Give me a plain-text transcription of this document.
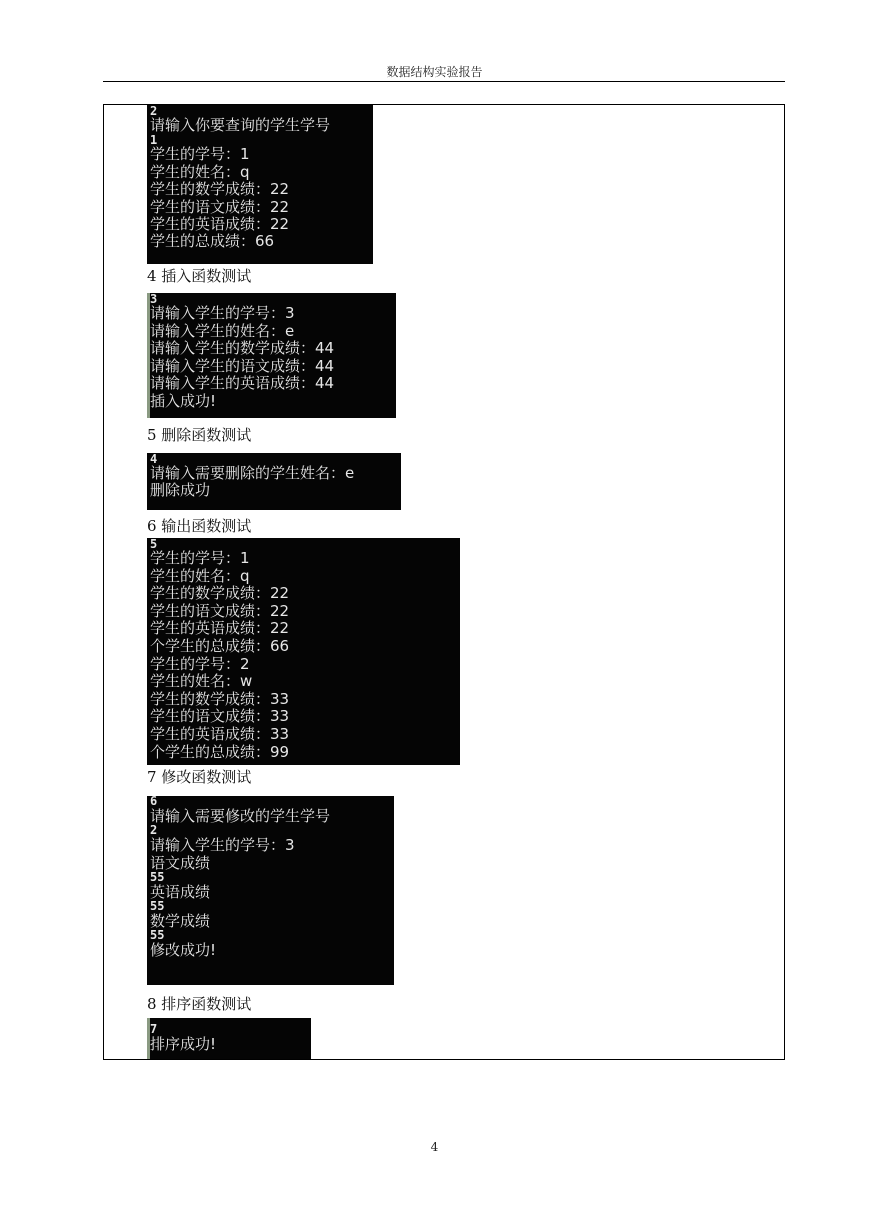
数据结构实验报告
2
请输入你要查询的学生学号
1
学生的学号：1
学生的姓名：q
学生的数学成绩：22
学生的语文成绩：22
学生的英语成绩：22
学生的总成绩：66
4 插入函数测试
3
请输入学生的学号：3
请输入学生的姓名：e
请输入学生的数学成绩：44
请输入学生的语文成绩：44
请输入学生的英语成绩：44
插入成功!
5 删除函数测试
4
请输入需要删除的学生姓名：e
删除成功
6 输出函数测试
5
学生的学号：1
学生的姓名：q
学生的数学成绩：22
学生的语文成绩：22
学生的英语成绩：22
个学生的总成绩：66
学生的学号：2
学生的姓名：w
学生的数学成绩：33
学生的语文成绩：33
学生的英语成绩：33
个学生的总成绩：99
7 修改函数测试
6
请输入需要修改的学生学号
2
请输入学生的学号：3
语文成绩
55
英语成绩
55
数学成绩
55
修改成功!
8 排序函数测试
7
排序成功!
4
